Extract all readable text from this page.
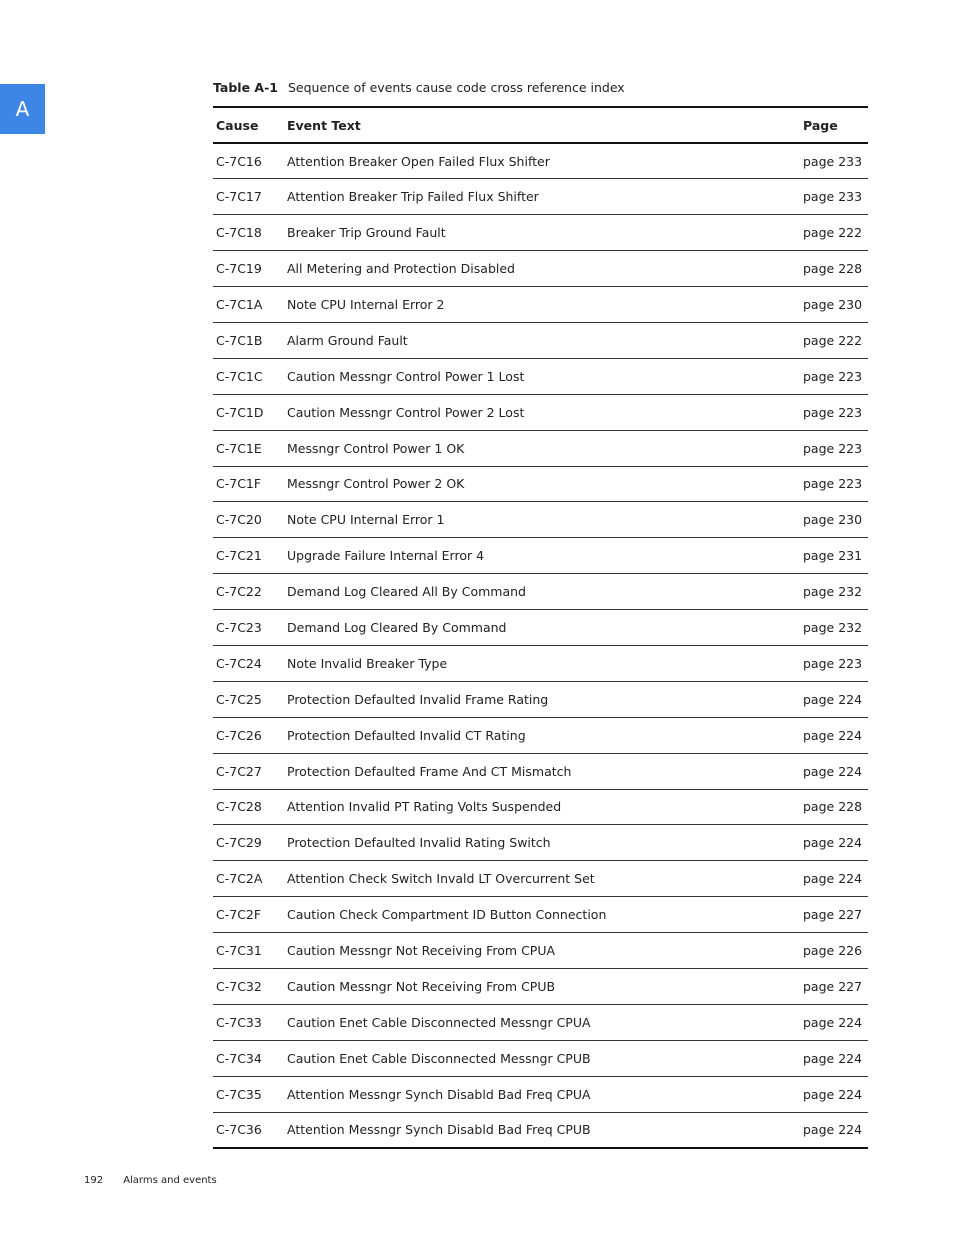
A
Table A-1 Sequence of events cause code cross reference index
Cause	Event Text	Page
C-7C16	Attention Breaker Open Failed Flux Shifter	page 233
C-7C17	Attention Breaker Trip Failed Flux Shifter	page 233
C-7C18	Breaker Trip Ground Fault	page 222
C-7C19	All Metering and Protection Disabled	page 228
C-7C1A	Note CPU Internal Error 2	page 230
C-7C1B	Alarm Ground Fault	page 222
C-7C1C	Caution Messngr Control Power 1 Lost	page 223
C-7C1D	Caution Messngr Control Power 2 Lost	page 223
C-7C1E	Messngr Control Power 1 OK	page 223
C-7C1F	Messngr Control Power 2 OK	page 223
C-7C20	Note CPU Internal Error 1	page 230
C-7C21	Upgrade Failure Internal Error 4	page 231
C-7C22	Demand Log Cleared All By Command	page 232
C-7C23	Demand Log Cleared By Command	page 232
C-7C24	Note Invalid Breaker Type	page 223
C-7C25	Protection Defaulted Invalid Frame Rating	page 224
C-7C26	Protection Defaulted Invalid CT Rating	page 224
C-7C27	Protection Defaulted Frame And CT Mismatch	page 224
C-7C28	Attention Invalid PT Rating Volts Suspended	page 228
C-7C29	Protection Defaulted Invalid Rating Switch	page 224
C-7C2A	Attention Check Switch Invald LT Overcurrent Set	page 224
C-7C2F	Caution Check Compartment ID Button Connection	page 227
C-7C31	Caution Messngr Not Receiving From CPUA	page 226
C-7C32	Caution Messngr Not Receiving From CPUB	page 227
C-7C33	Caution Enet Cable Disconnected Messngr CPUA	page 224
C-7C34	Caution Enet Cable Disconnected Messngr CPUB	page 224
C-7C35	Attention Messngr Synch Disabld Bad Freq CPUA	page 224
C-7C36	Attention Messngr Synch Disabld Bad Freq CPUB	page 224
192 Alarms and events
